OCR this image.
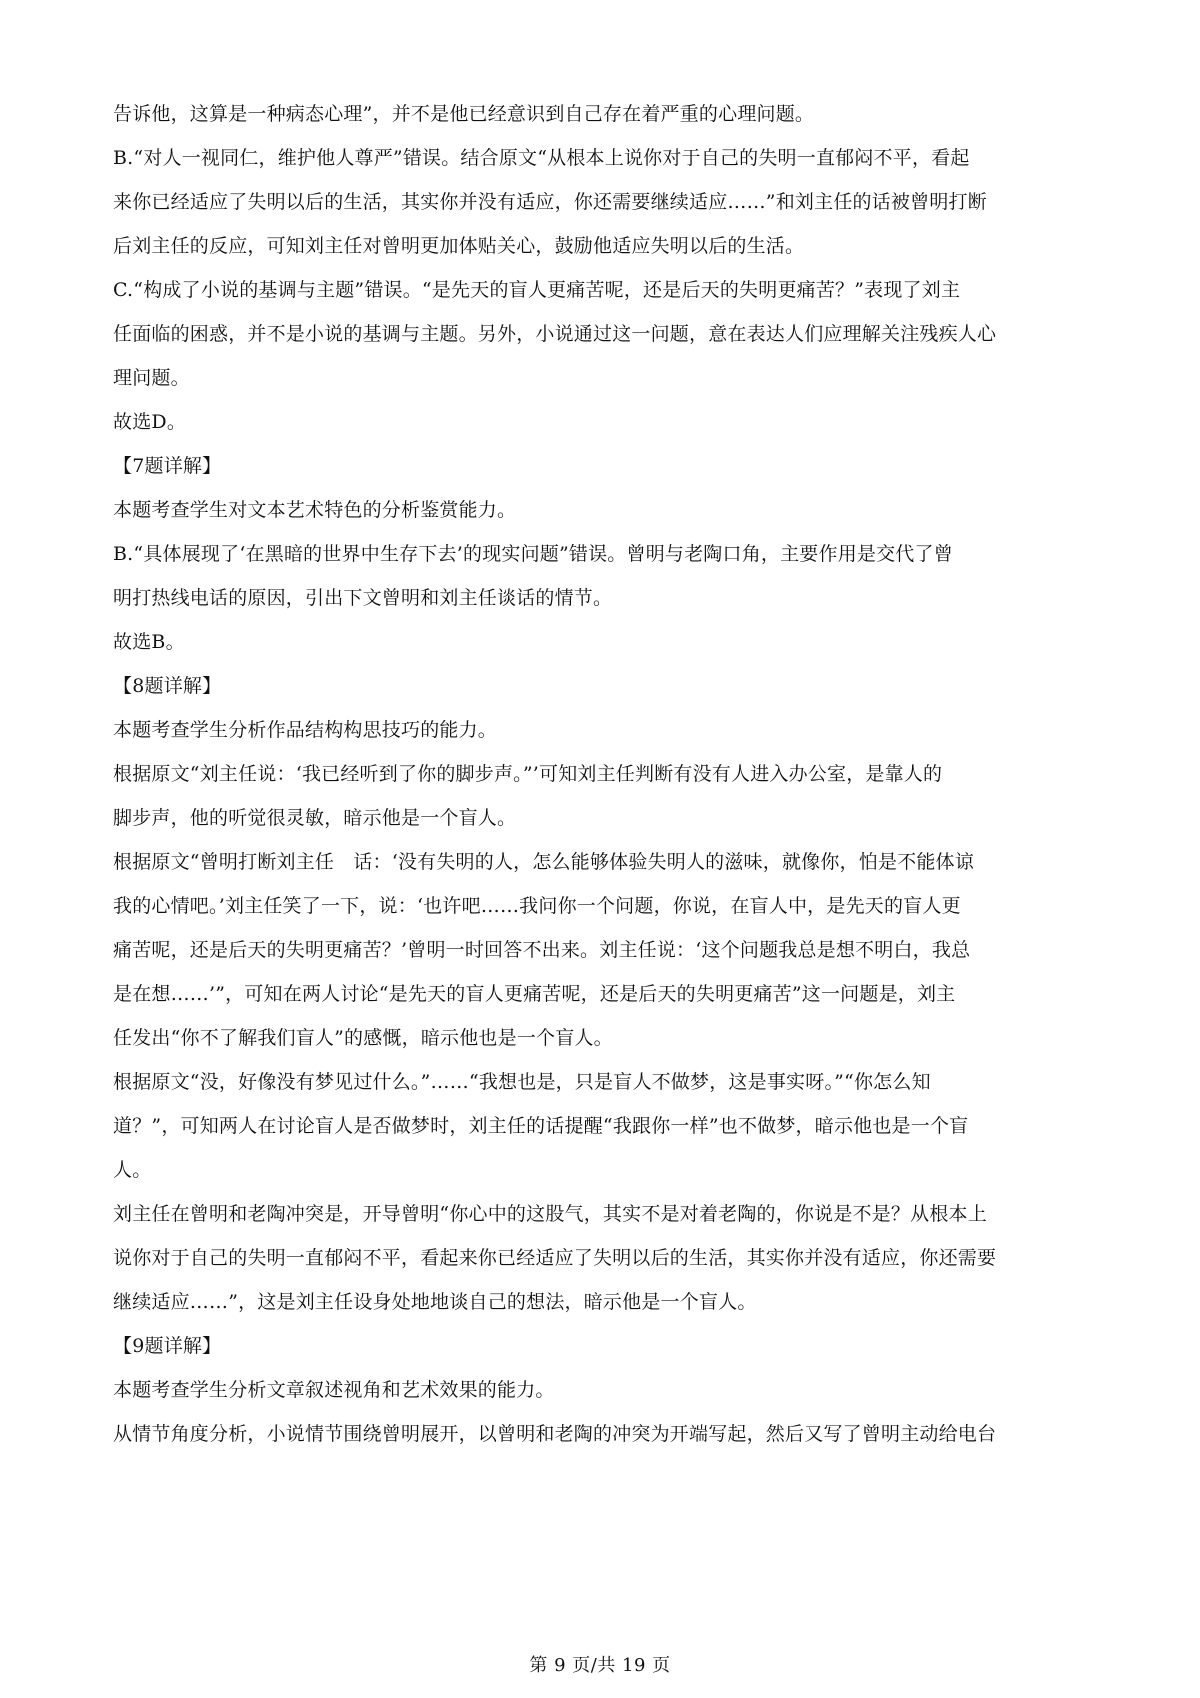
告诉他，这算是一种病态心理”，并不是他已经意识到自己存在着严重的心理问题。
B.“对人一视同仁，维护他人尊严”错误。结合原文“从根本上说你对于自己的失明一直郁闷不平，看起
来你已经适应了失明以后的生活，其实你并没有适应，你还需要继续适应……”和刘主任的话被曾明打断
后刘主任的反应，可知刘主任对曾明更加体贴关心，鼓励他适应失明以后的生活。
C.“构成了小说的基调与主题”错误。“是先天的盲人更痛苦呢，还是后天的失明更痛苦？”表现了刘主
任面临的困惑，并不是小说的基调与主题。另外，小说通过这一问题，意在表达人们应理解关注残疾人心
理问题。
故选D。
【7题详解】
本题考查学生对文本艺术特色的分析鉴赏能力。
B.“具体展现了‘在黑暗的世界中生存下去’的现实问题”错误。曾明与老陶口角，主要作用是交代了曾
明打热线电话的原因，引出下文曾明和刘主任谈话的情节。
故选B。
【8题详解】
本题考查学生分析作品结构构思技巧的能力。
根据原文“刘主任说：‘我已经听到了你的脚步声。”’可知刘主任判断有没有人进入办公室，是靠人的
脚步声，他的听觉很灵敏，暗示他是一个盲人。
根据原文“曾明打断刘主任　话：‘没有失明的人，怎么能够体验失明人的滋味，就像你，怕是不能体谅
我的心情吧。’刘主任笑了一下，说：‘也许吧……我问你一个问题，你说，在盲人中，是先天的盲人更
痛苦呢，还是后天的失明更痛苦？’曾明一时回答不出来。刘主任说：‘这个问题我总是想不明白，我总
是在想……’”，可知在两人讨论“是先天的盲人更痛苦呢，还是后天的失明更痛苦”这一问题是，刘主
任发出“你不了解我们盲人”的感慨，暗示他也是一个盲人。
根据原文“没，好像没有梦见过什么。”……“我想也是，只是盲人不做梦，这是事实呀。”“你怎么知
道？”，可知两人在讨论盲人是否做梦时，刘主任的话提醒“我跟你一样”也不做梦，暗示他也是一个盲
人。
刘主任在曾明和老陶冲突是，开导曾明“你心中的这股气，其实不是对着老陶的，你说是不是？从根本上
说你对于自己的失明一直郁闷不平，看起来你已经适应了失明以后的生活，其实你并没有适应，你还需要
继续适应……”，这是刘主任设身处地地谈自己的想法，暗示他是一个盲人。
【9题详解】
本题考查学生分析文章叙述视角和艺术效果的能力。
从情节角度分析，小说情节围绕曾明展开，以曾明和老陶的冲突为开端写起，然后又写了曾明主动给电台
第 9 页/共 19 页
